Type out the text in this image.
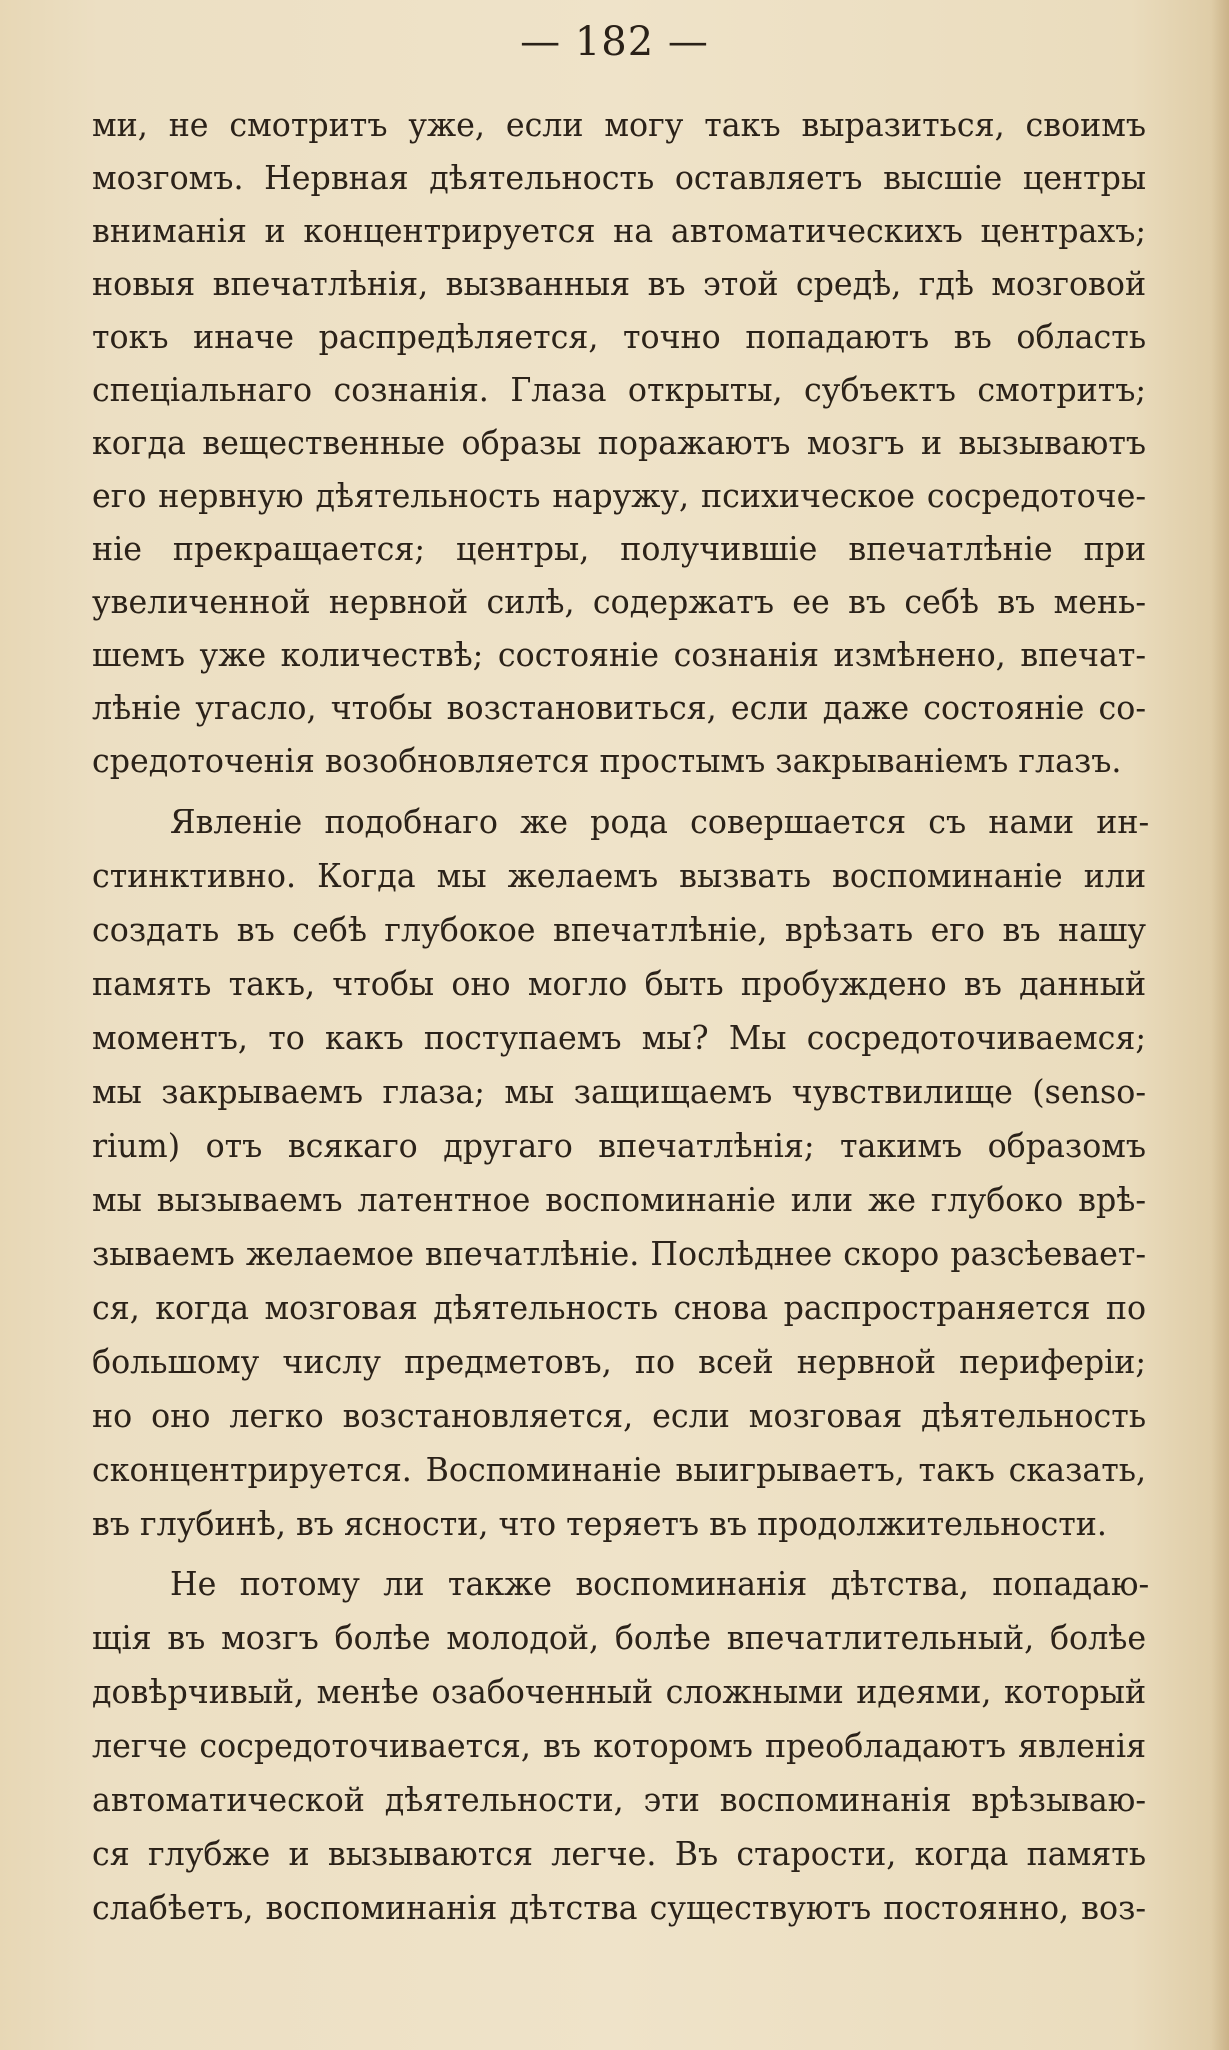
— 182 —
ми, не смотритъ уже, если могу такъ выразиться, своимъ
мозгомъ. Нервная дѣятельность оставляетъ высшіе центры
вниманія и концентрируется на автоматическихъ центрахъ;
новыя впечатлѣнія, вызванныя въ этой средѣ, гдѣ мозговой
токъ иначе распредѣляется, точно попадаютъ въ область
спеціальнаго сознанія. Глаза открыты, субъектъ смотритъ;
когда вещественные образы поражаютъ мозгъ и вызываютъ
его нервную дѣятельность наружу, психическое сосредоточе-
ніе прекращается; центры, получившіе впечатлѣніе при
увеличенной нервной силѣ, содержатъ ее въ себѣ въ мень-
шемъ уже количествѣ; состояніе сознанія измѣнено, впечат-
лѣніе угасло, чтобы возстановиться, если даже состояніе со-
средоточенія возобновляется простымъ закрываніемъ глазъ.
Явленіе подобнаго же рода совершается съ нами ин-
стинктивно. Когда мы желаемъ вызвать воспоминаніе или
создать въ себѣ глубокое впечатлѣніе, врѣзать его въ нашу
память такъ, чтобы оно могло быть пробуждено въ данный
моментъ, то какъ поступаемъ мы? Мы сосредоточиваемся;
мы закрываемъ глаза; мы защищаемъ чувствилище (senso-
rium) отъ всякаго другаго впечатлѣнія; такимъ образомъ
мы вызываемъ латентное воспоминаніе или же глубоко врѣ-
зываемъ желаемое впечатлѣніе. Послѣднее скоро разсѣевает-
ся, когда мозговая дѣятельность снова распространяется по
большому числу предметовъ, по всей нервной периферіи;
но оно легко возстановляется, если мозговая дѣятельность
сконцентрируется. Воспоминаніе выигрываетъ, такъ сказать,
въ глубинѣ, въ ясности, что теряетъ въ продолжительности.
Не потому ли также воспоминанія дѣтства, попадаю-
щія въ мозгъ болѣе молодой, болѣе впечатлительный, болѣе
довѣрчивый, менѣе озабоченный сложными идеями, который
легче сосредоточивается, въ которомъ преобладаютъ явленія
автоматической дѣятельности, эти воспоминанія врѣзываю-
ся глубже и вызываются легче. Въ старости, когда память
слабѣетъ, воспоминанія дѣтства существуютъ постоянно, воз-
